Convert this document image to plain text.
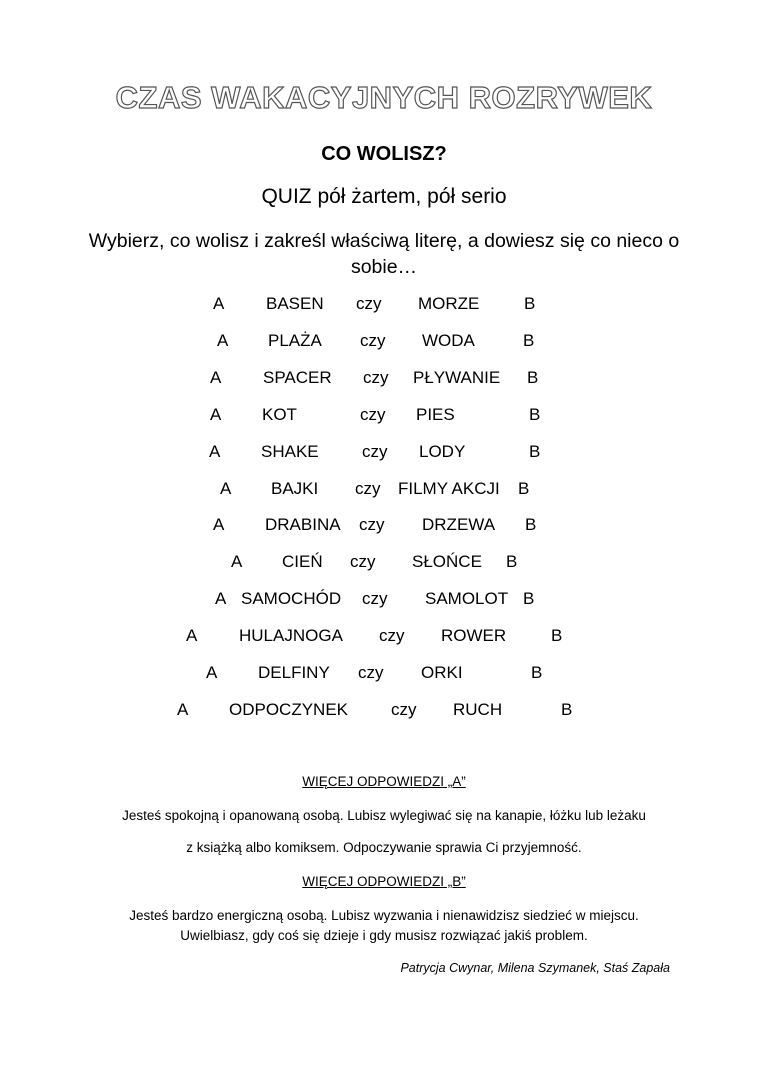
CZAS WAKACYJNYCH ROZRYWEK
CO WOLISZ?
QUIZ pół żartem, pół serio
Wybierz, co wolisz i zakreśl właściwą literę, a dowiesz się co nieco o
sobie…
A BASEN czy MORZE	B
A PLAŻA czy WODA	B
A SPACER czy PŁYWANIE B
A KOT	czy PIES	B
A SHAKE	czy LODY	B
A BAJKI czy FILMY AKCJI B
A DRABINA czy DRZEWA B
A CIEŃ czy SŁOŃCE B
A SAMOCHÓD czy SAMOLOT B
A HULAJNOGA czy ROWER	B
A DELFINY czy ORKI	B
A ODPOCZYNEK	czy RUCH	B
WIĘCEJ ODPOWIEDZI „A”
Jesteś spokojną i opanowaną osobą. Lubisz wylegiwać się na kanapie, łóżku lub leżaku
z książką albo komiksem. Odpoczywanie sprawia Ci przyjemność.
WIĘCEJ ODPOWIEDZI „B”
Jesteś bardzo energiczną osobą. Lubisz wyzwania i nienawidzisz siedzieć w miejscu.
Uwielbiasz, gdy coś się dzieje i gdy musisz rozwiązać jakiś problem.
Patrycja Cwynar, Milena Szymanek, Staś Zapała
